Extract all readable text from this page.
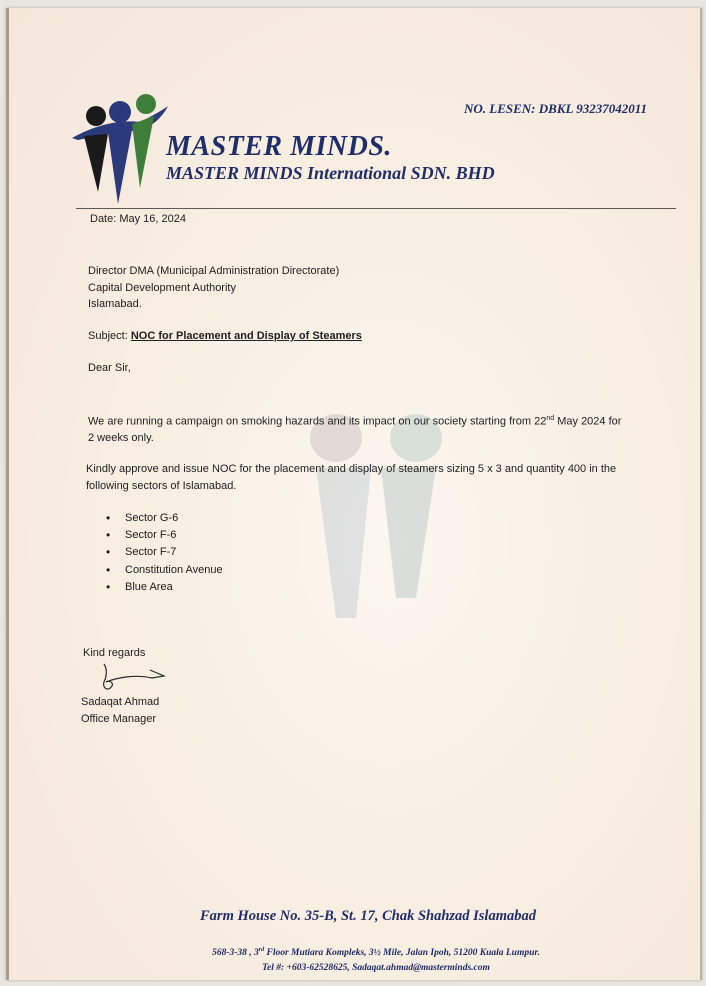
MASTER MINDS.
MASTER MINDS International SDN. BHD
NO. LESEN: DBKL 93237042011
Date: May 16, 2024
Director DMA (Municipal Administration Directorate)
Capital Development Authority
Islamabad.
Subject: NOC for Placement and Display of Steamers
Dear Sir,
We are running a campaign on smoking hazards and its impact on our society starting from 22nd May 2024 for 2 weeks only.
Kindly approve and issue NOC for the placement and display of steamers sizing 5 x 3 and quantity 400 in the following sectors of Islamabad.
• Sector G-6
• Sector F-6
• Sector F-7
• Constitution Avenue
• Blue Area
Kind regards
Sadaqat Ahmad
Office Manager
Farm House No. 35-B, St. 17, Chak Shahzad Islamabad
568-3-38 , 3rd Floor Mutiara Kompleks, 3½ Mile, Jalan Ipoh, 51200 Kuala Lumpur.
Tel #: +603-62528625, Sadaqat.ahmad@masterminds.com
